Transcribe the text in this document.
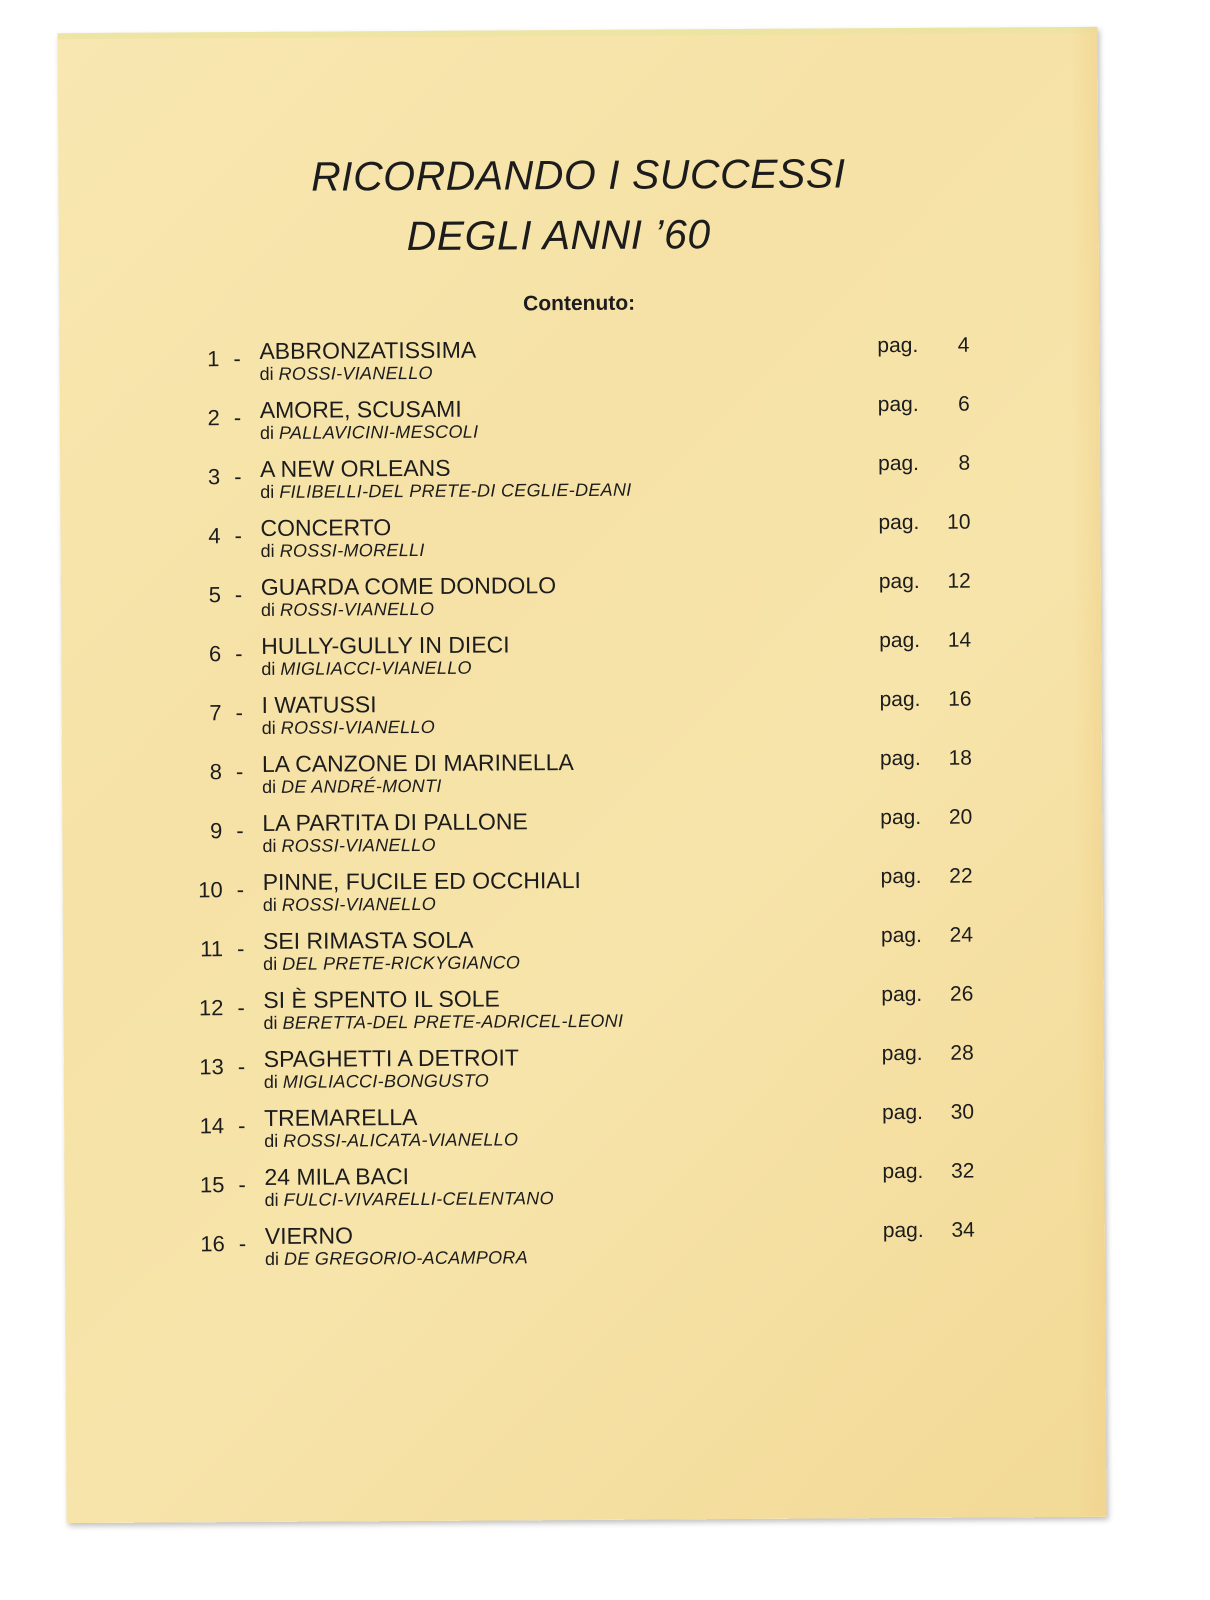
RICORDANDO I SUCCESSI
DEGLI ANNI ’60
Contenuto:
1 - ABBRONZATISSIMA
di ROSSI-VIANELLO
pag. 4
2 - AMORE, SCUSAMI
di PALLAVICINI-MESCOLI
pag. 6
3 - A NEW ORLEANS
di FILIBELLI-DEL PRETE-DI CEGLIE-DEANI
pag. 8
4 - CONCERTO
di ROSSI-MORELLI
pag. 10
5 - GUARDA COME DONDOLO
di ROSSI-VIANELLO
pag. 12
6 - HULLY-GULLY IN DIECI
di MIGLIACCI-VIANELLO
pag. 14
7 - I WATUSSI
di ROSSI-VIANELLO
pag. 16
8 - LA CANZONE DI MARINELLA
di DE ANDRÉ-MONTI
pag. 18
9 - LA PARTITA DI PALLONE
di ROSSI-VIANELLO
pag. 20
10 - PINNE, FUCILE ED OCCHIALI
di ROSSI-VIANELLO
pag. 22
11 - SEI RIMASTA SOLA
di DEL PRETE-RICKYGIANCO
pag. 24
12 - SI È SPENTO IL SOLE
di BERETTA-DEL PRETE-ADRICEL-LEONI
pag. 26
13 - SPAGHETTI A DETROIT
di MIGLIACCI-BONGUSTO
pag. 28
14 - TREMARELLA
di ROSSI-ALICATA-VIANELLO
pag. 30
15 - 24 MILA BACI
di FULCI-VIVARELLI-CELENTANO
pag. 32
16 - VIERNO
di DE GREGORIO-ACAMPORA
pag. 34
